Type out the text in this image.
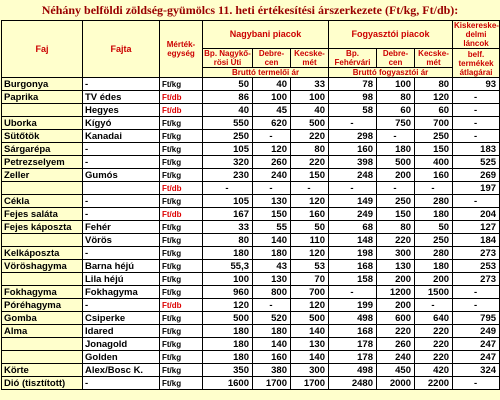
Néhány belföldi zöldség-gyümölcs 11. heti értékesítési árszerkezete (Ft/kg, Ft/db):
Faj	Fajta	Mérték-egység	Nagybani piacok			Fogyasztói piacok			Kiskereske-delmi láncok
			Bp. Nagykő-rösi Úti	Debre-cen	Kecske-mét	Bp. Fehérvári	Debre-cen	Kecske-mét	belf. termékek átlagárai
			Bruttó termelői ár			Bruttó fogyasztói ár			
Burgonya	-	Ft/kg	50	40	33	78	100	80	93
Paprika	TV édes	Ft/db	86	100	100	98	80	120	-
	Hegyes	Ft/db	40	45	40	58	60	60	-
Uborka	Kígyó	Ft/kg	550	620	500	-	750	700	-
Sütőtök	Kanadai	Ft/kg	250	-	220	298	-	250	-
Sárgarépa	-	Ft/kg	105	120	80	160	180	150	183
Petrezselyem	-	Ft/kg	320	260	220	398	500	400	525
Zeller	Gumós	Ft/kg	230	240	150	248	200	160	269
		Ft/db	-	-	-	-	-	-	197
Cékla	-	Ft/kg	105	130	120	149	250	280	-
Fejes saláta	-	Ft/db	167	150	160	249	150	180	204
Fejes káposzta	Fehér	Ft/kg	33	55	50	68	80	50	127
	Vörös	Ft/kg	80	140	110	148	220	250	184
Kelkáposzta	-	Ft/kg	180	180	120	198	300	280	273
Vöröshagyma	Barna héjú	Ft/kg	55,3	43	53	168	130	180	253
	Lila héjú	Ft/kg	100	130	70	158	200	200	273
Fokhagyma	Fokhagyma	Ft/kg	960	800	700	-	1200	1500	-
Póréhagyma	-	Ft/db	120	-	120	199	200	-	-
Gomba	Csiperke	Ft/kg	500	520	500	498	600	640	795
Alma	Idared	Ft/kg	180	180	140	168	220	220	249
	Jonagold	Ft/kg	180	140	130	178	260	220	247
	Golden	Ft/kg	180	160	140	178	240	220	247
Körte	Alex/Bosc K.	Ft/kg	350	380	300	498	450	420	324
Dió (tisztított)	-	Ft/kg	1600	1700	1700	2480	2000	2200	-
